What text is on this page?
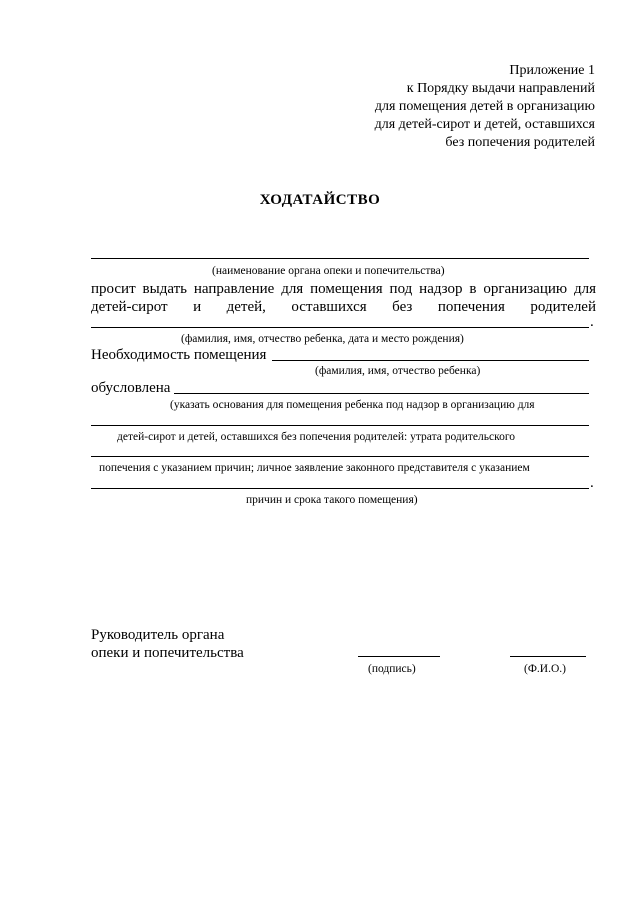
Приложение 1
к Порядку выдачи направлений
для помещения детей в организацию
для детей-сирот и детей, оставшихся
без попечения родителей
ХОДАТАЙСТВО
(наименование органа опеки и попечительства)
просит выдать направление для помещения под надзор в организацию для
детей-сирот и детей, оставшихся без попечения родителей
.
(фамилия, имя, отчество ребенка, дата и место рождения)
Необходимость помещения
(фамилия, имя, отчество ребенка)
обусловлена
(указать основания для помещения ребенка под надзор в организацию для
детей-сирот и детей, оставшихся без попечения родителей: утрата родительского
попечения с указанием причин; личное заявление законного представителя с указанием
.
причин и срока такого помещения)
Руководитель органа
опеки и попечительства
(подпись)	(Ф.И.О.)
